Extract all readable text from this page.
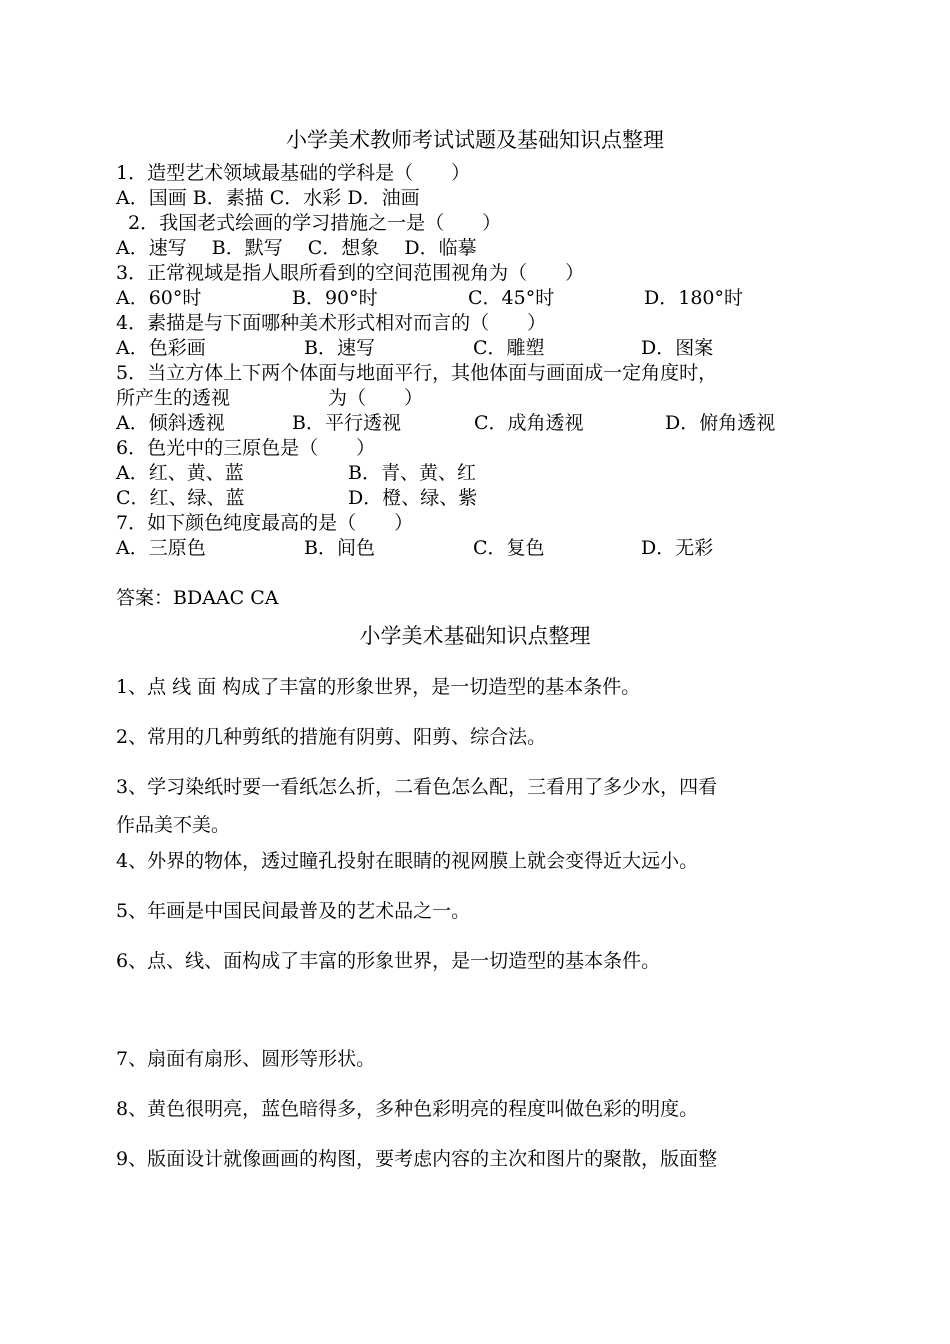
小学美术教师考试试题及基础知识点整理
1．造型艺术领域最基础的学科是（　　）
A．国画 B．素描 C．水彩 D．油画
2．我国老式绘画的学习措施之一是（　　）
A．速写　 B．默写　 C．想象　 D．临摹
3．正常视域是指人眼所看到的空间范围视角为（　　）
A．60°时	B．90°时	C．45°时	D．180°时
4．素描是与下面哪种美术形式相对而言的（　　）
A．色彩画	B．速写	C．雕塑	D．图案
5．当立方体上下两个体面与地面平行，其他体面与画面成一定角度时，
所产生的透视	为（　　）
A．倾斜透视	B．平行透视	C．成角透视	D．俯角透视
6．色光中的三原色是（　　）
A．红、黄、蓝	B．青、黄、红
C．红、绿、蓝	D．橙、绿、紫
7．如下颜色纯度最高的是（　　）
A．三原色	B．间色	C．复色	D．无彩
答案：BDAAC CA
小学美术基础知识点整理
1、点 线 面 构成了丰富的形象世界，是一切造型的基本条件。
2、常用的几种剪纸的措施有阴剪、阳剪、综合法。
3、学习染纸时要一看纸怎么折，二看色怎么配，三看用了多少水，四看
作品美不美。
4、外界的物体，透过瞳孔投射在眼睛的视网膜上就会变得近大远小。
5、年画是中国民间最普及的艺术品之一。
6、点、线、面构成了丰富的形象世界，是一切造型的基本条件。
7、扇面有扇形、圆形等形状。
8、黄色很明亮，蓝色暗得多，多种色彩明亮的程度叫做色彩的明度。
9、版面设计就像画画的构图，要考虑内容的主次和图片的聚散，版面整
